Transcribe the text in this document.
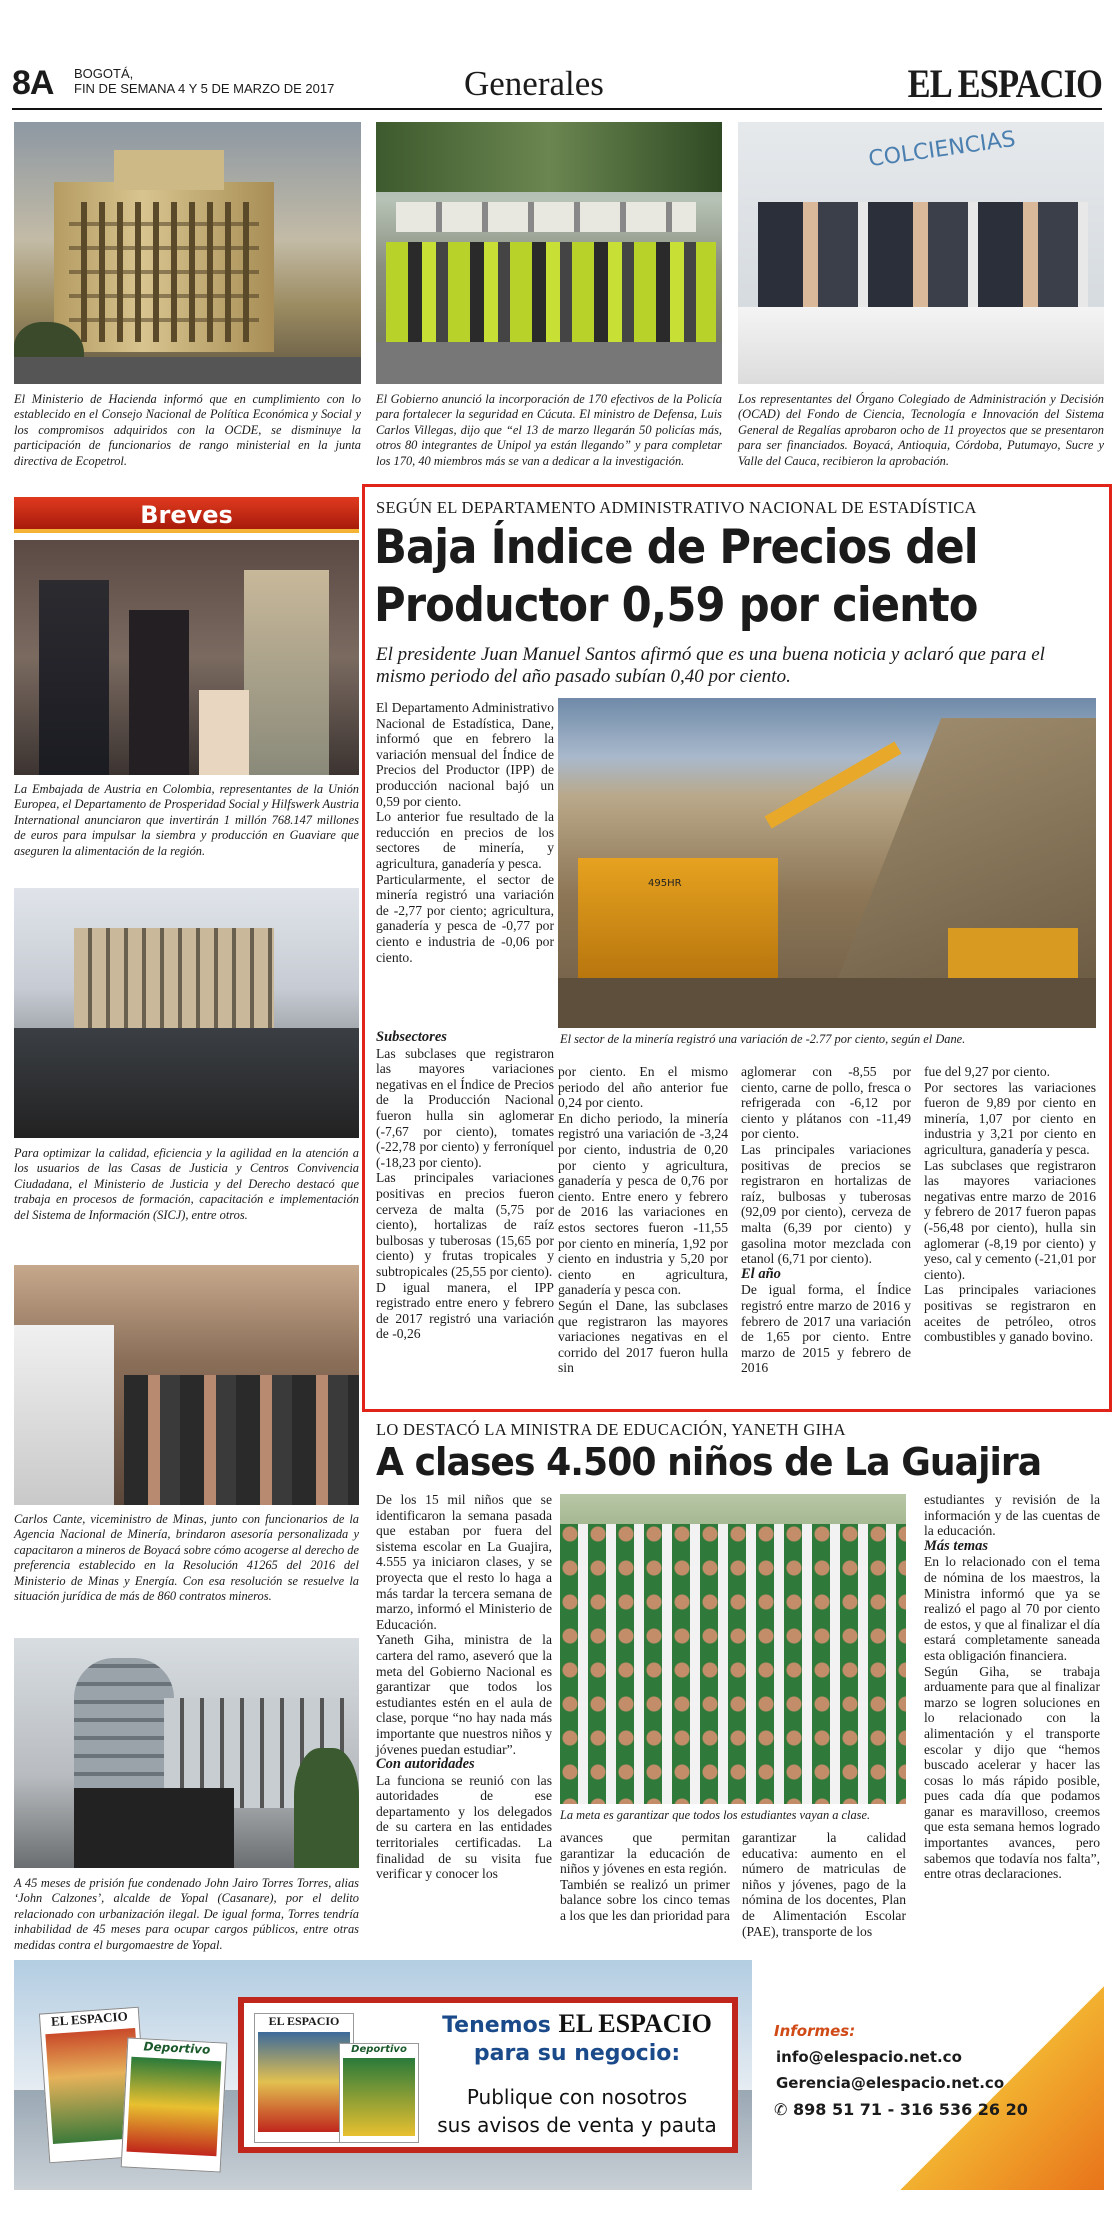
8A BOGOTÁ,
FIN DE SEMANA 4 Y 5 DE MARZO DE 2017	Generales	EL ESPACIO
COLCIENCIAS
El Ministerio de Hacienda informó que en cumplimiento con lo establecido en el Consejo Nacional de Política Económica y Social y los compromisos adquiridos con la OCDE, se disminuye la participación de funcionarios de rango ministerial en la junta directiva de Ecopetrol.
El Gobierno anunció la incorporación de 170 efectivos de la Policía para fortalecer la seguridad en Cúcuta. El ministro de Defensa, Luis Carlos Villegas, dijo que “el 13 de marzo llegarán 50 policías más, otros 80 integrantes de Unipol ya están llegando” y para completar los 170, 40 miembros más se van a dedicar a la investigación.
Los representantes del Órgano Colegiado de Administración y Decisión (OCAD) del Fondo de Ciencia, Tecnología e Innovación del Sistema General de Regalías aprobaron ocho de 11 proyectos que se presentaron para ser financiados. Boyacá, Antioquia, Córdoba, Putumayo, Sucre y Valle del Cauca, recibieron la aprobación.
Breves
La Embajada de Austria en Colombia, representantes de la Unión Europea, el Departamento de Prosperidad Social y Hilfswerk Austria International anunciaron que invertirán 1 millón 768.147 millones de euros para impulsar la siembra y producción en Guaviare que aseguren la alimentación de la región.
Para optimizar la calidad, eficiencia y la agilidad en la atención a los usuarios de las Casas de Justicia y Centros Convivencia Ciudadana, el Ministerio de Justicia y del Derecho destacó que trabaja en procesos de formación, capacitación e implementación del Sistema de Información (SICJ), entre otros.
Carlos Cante, viceministro de Minas, junto con funcionarios de la Agencia Nacional de Minería, brindaron asesoría personalizada y capacitaron a mineros de Boyacá sobre cómo acogerse al derecho de preferencia establecido en la Resolución 41265 del 2016 del Ministerio de Minas y Energía. Con esa resolución se resuelve la situación jurídica de más de 860 contratos mineros.
A 45 meses de prisión fue condenado John Jairo Torres Torres, alias ‘John Calzones’, alcalde de Yopal (Casanare), por el delito relacionado con urbanización ilegal. De igual forma, Torres tendría inhabilidad de 45 meses para ocupar cargos públicos, entre otras medidas contra el burgomaestre de Yopal.
SEGÚN EL DEPARTAMENTO ADMINISTRATIVO NACIONAL DE ESTADÍSTICA
Baja Índice de Precios del
Productor 0,59 por ciento
El presidente Juan Manuel Santos afirmó que es una buena noticia y aclaró que para el mismo periodo del año pasado subían 0,40 por ciento.

El Departamento Administrativo Nacional de Estadística, Dane, informó que en febrero la variación mensual del Índice de Precios del Productor (IPP) de producción nacional bajó un 0,59 por ciento.

Lo anterior fue resultado de la reducción en precios de los sectores de minería, y agricultura, ganadería y pesca.

Particularmente, el sector de minería registró una variación de -2,77 por ciento; agricultura, ganadería y pesca de -0,77 por ciento e industria de -0,06 por ciento.

495HR
El sector de la minería registró una variación de -2.77 por ciento, según el Dane.

Subsectores

Las subclases que registraron las mayores variaciones negativas en el Índice de Precios de la Producción Nacional fueron hulla sin aglomerar (-7,67 por ciento), tomates (-22,78 por ciento) y ferroníquel (-18,23 por ciento).

Las principales variaciones positivas en precios fueron cerveza de malta (5,75 por ciento), hortalizas de raíz bulbosas y tuberosas (15,65 por ciento) y frutas tropicales y subtropicales (25,55 por ciento).

D igual manera, el IPP registrado entre enero y febrero de 2017 registró una variación de -0,26

por ciento. En el mismo periodo del año anterior fue 0,24 por ciento.

En dicho periodo, la minería registró una variación de -3,24 por ciento, industria de 0,20 por ciento y agricultura, ganadería y pesca de 0,76 por ciento. Entre enero y febrero de 2016 las variaciones en estos sectores fueron -11,55 por ciento en minería, 1,92 por ciento en industria y 5,20 por ciento en agricultura, ganadería y pesca con.

Según el Dane, las subclases que registraron las mayores variaciones negativas en el corrido del 2017 fueron hulla sin

aglomerar con -8,55 por ciento, carne de pollo, fresca o refrigerada con -6,12 por ciento y plátanos con -11,49 por ciento.

Las principales variaciones positivas de precios se registraron en hortalizas de raíz, bulbosas y tuberosas (92,09 por ciento), cerveza de malta (6,39 por ciento) y gasolina motor mezclada con etanol (6,71 por ciento).

El año

De igual forma, el Índice registró entre marzo de 2016 y febrero de 2017 una variación de 1,65 por ciento. Entre marzo de 2015 y febrero de 2016

fue del 9,27 por ciento.

Por sectores las variaciones fueron de 9,89 por ciento en minería, 1,07 por ciento en industria y 3,21 por ciento en agricultura, ganadería y pesca.

Las subclases que registraron las mayores variaciones negativas entre marzo de 2016 y febrero de 2017 fueron papas (-56,48 por ciento), hulla sin aglomerar (-8,19 por ciento) y yeso, cal y cemento (-21,01 por ciento).

Las principales variaciones positivas se registraron en aceites de petróleo, otros combustibles y ganado bovino.

LO DESTACÓ LA MINISTRA DE EDUCACIÓN, YANETH GIHA
A clases 4.500 niños de La Guajira

De los 15 mil niños que se identificaron la semana pasada que estaban por fuera del sistema escolar en La Guajira, 4.555 ya iniciaron clases, y se proyecta que el resto lo haga a más tardar la tercera semana de marzo, informó el Ministerio de Educación.

Yaneth Giha, ministra de la cartera del ramo, aseveró que la meta del Gobierno Nacional es garantizar que todos los estudiantes estén en el aula de clase, porque “no hay nada más importante que nuestros niños y jóvenes puedan estudiar”.

Con autoridades

La funciona se reunió con las autoridades de ese departamento y los delegados de su cartera en las entidades territoriales certificadas. La finalidad de su visita fue verificar y conocer los

La meta es garantizar que todos los estudiantes vayan a clase.

avances que permitan garantizar la educación de niños y jóvenes en esta región.

También se realizó un primer balance sobre los cinco temas a los que les dan prioridad para

garantizar la calidad educativa: aumento en el número de matriculas de niños y jóvenes, pago de la nómina de los docentes, Plan de Alimentación Escolar (PAE), transporte de los

estudiantes y revisión de la información y de las cuentas de la educación.

Más temas

En lo relacionado con el tema de nómina de los maestros, la Ministra informó que ya se realizó el pago al 70 por ciento de estos, y que al finalizar el día estará completamente saneada esta obligación financiera.

Según Giha, se trabaja arduamente para que al finalizar marzo se logren soluciones en lo relacionado con la alimentación y el transporte escolar y dijo que “hemos buscado acelerar y hacer las cosas lo más rápido posible, pues cada día que podamos ganar es maravilloso, creemos que esta semana hemos logrado importantes avances, pero sabemos que todavía nos falta”, entre otras declaraciones.

EL ESPACIO
Deportivo
Informes:
info@elespacio.net.co
Gerencia@elespacio.net.co
✆ 898 51 71 - 316 536 26 20
EL ESPACIO
Deportivo
Tenemos EL ESPACIO
para su negocio:
Publique con nosotros
sus avisos de venta y pauta
